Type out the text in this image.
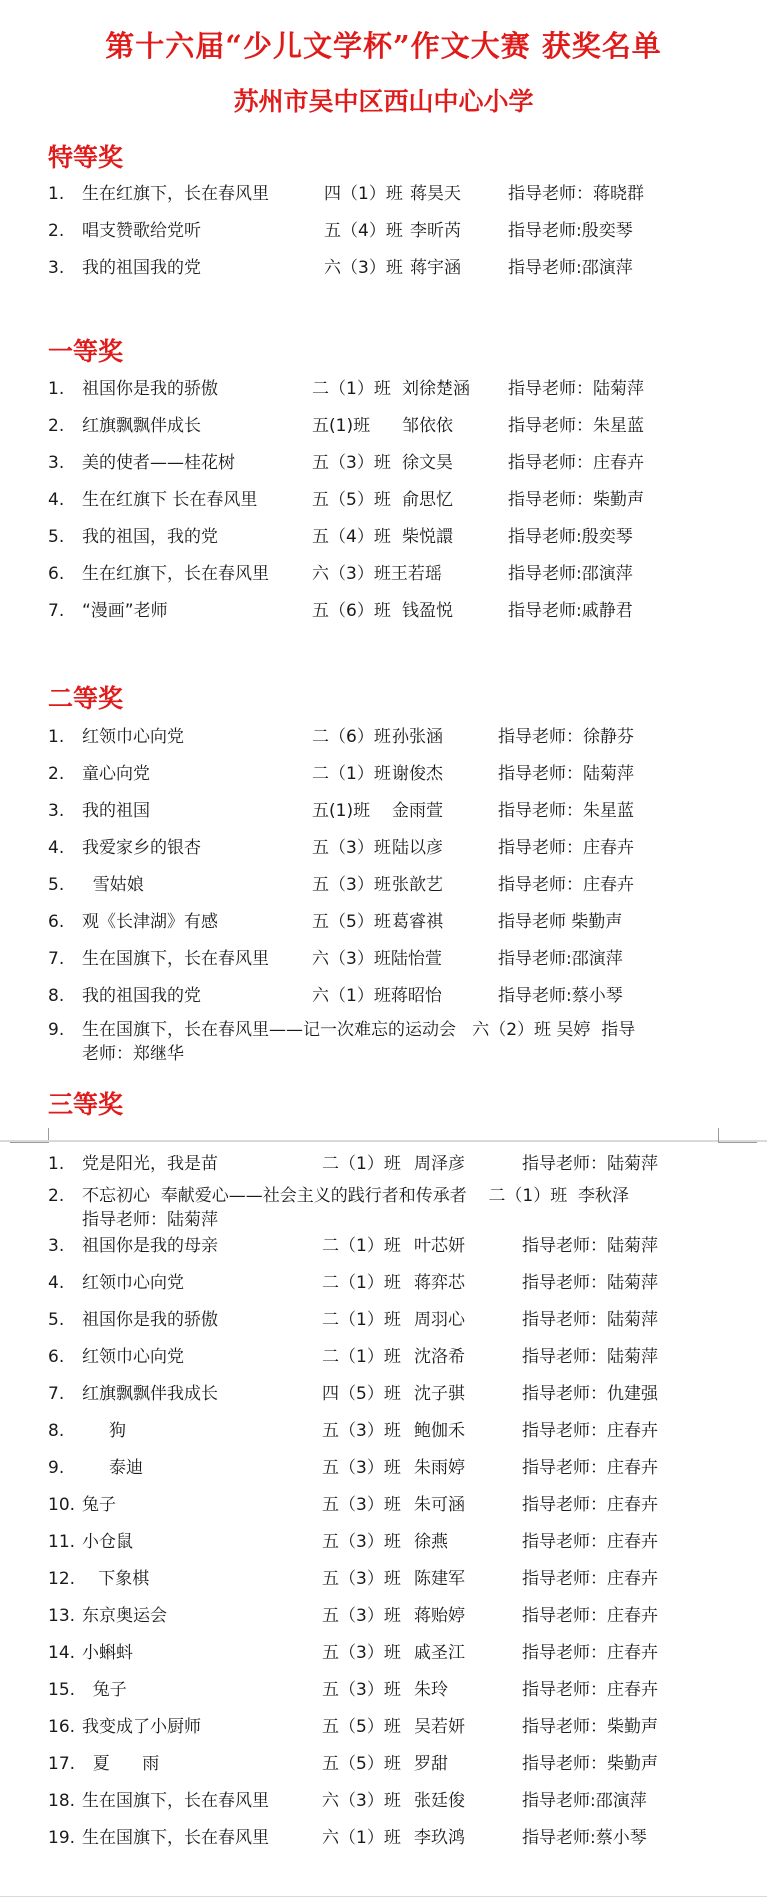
第十六届“少儿文学杯”作文大赛 获奖名单
苏州市吴中区西山中心小学
特等奖
1. 生在红旗下，长在春风里	四（1）班 蒋昊天	指导老师：蒋晓群
2. 唱支赞歌给党听	五（4）班 李昕芮	指导老师:殷奕琴
3. 我的祖国我的党	六（3）班 蒋宇涵	指导老师:邵演萍
一等奖
1. 祖国你是我的骄傲	二（1）班 刘徐楚涵 指导老师：陆菊萍
2. 红旗飘飘伴成长	五(1)班 邹依依	指导老师：朱星蓝
3. 美的使者——桂花树	五（3）班 徐文昊	指导老师：庄春卉
4. 生在红旗下 长在春风里	五（5）班 俞思忆	指导老师：柴勤声
5. 我的祖国，我的党	五（4）班 柴悦譞	指导老师:殷奕琴
6. 生在红旗下，长在春风里	六（3）班王若瑶	指导老师:邵演萍
7. “漫画”老师	五（6）班 钱盈悦	指导老师:戚静君
二等奖
1. 红领巾心向党	二（6）班 孙张涵	指导老师：徐静芬
2. 童心向党	二（1）班 谢俊杰	指导老师：陆菊萍
3. 我的祖国	五(1)班 金雨萱	指导老师：朱星蓝
4. 我爱家乡的银杏	五（3）班 陆以彦	指导老师：庄春卉
5. 雪姑娘	五（3）班 张歆艺	指导老师：庄春卉
6. 观《长津湖》有感	五（5）班 葛睿祺	指导老师 柴勤声
7. 生在国旗下，长在春风里	六（3）班陆怡萱	指导老师:邵演萍
8. 我的祖国我的党	六（1）班蒋昭怡	指导老师:蔡小琴
9. 生在国旗下，长在春风里——记一次难忘的运动会   六（2）班 吴婷  指导
老师：郑继华
三等奖
1. 党是阳光，我是苗	二（1）班 周泽彦	指导老师：陆菊萍
2. 不忘初心  奉献爱心——社会主义的践行者和传承者    二（1）班  李秋泽
指导老师：陆菊萍
3. 祖国你是我的母亲	二（1）班 叶芯妍	指导老师：陆菊萍
4. 红领巾心向党	二（1）班 蒋弈芯	指导老师：陆菊萍
5. 祖国你是我的骄傲	二（1）班 周羽心	指导老师：陆菊萍
6. 红领巾心向党	二（1）班 沈洛希	指导老师：陆菊萍
7. 红旗飘飘伴我成长	四（5）班 沈子骐	指导老师：仇建强
8. 狗	五（3）班 鲍伽禾	指导老师：庄春卉
9. 泰迪	五（3）班 朱雨婷	指导老师：庄春卉
10. 兔子	五（3）班 朱可涵	指导老师：庄春卉
11. 小仓鼠	五（3）班 徐燕	指导老师：庄春卉
12. 下象棋	五（3）班 陈建军	指导老师：庄春卉
13. 东京奥运会	五（3）班 蒋贻婷	指导老师：庄春卉
14. 小蝌蚪	五（3）班 戚圣江	指导老师：庄春卉
15. 兔子	五（3）班 朱玲	指导老师：庄春卉
16. 我变成了小厨师	五（5）班 吴若妍	指导老师：柴勤声
17. 夏      雨	五（5）班 罗甜	指导老师：柴勤声
18. 生在国旗下，长在春风里	六（3）班 张廷俊	指导老师:邵演萍
19. 生在国旗下，长在春风里	六（1）班 李玖鸿	指导老师:蔡小琴
